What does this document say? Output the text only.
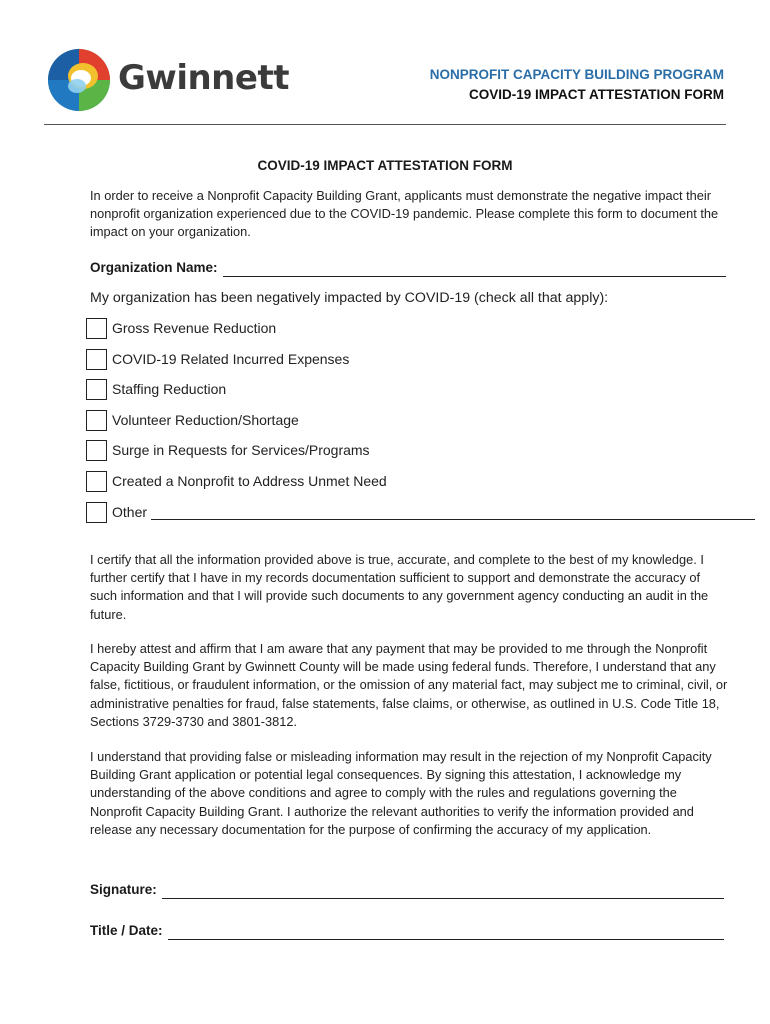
Gwinnett	NONPROFIT CAPACITY BUILDING PROGRAM
COVID-19 IMPACT ATTESTATION FORM
COVID-19 IMPACT ATTESTATION FORM
In order to receive a Nonprofit Capacity Building Grant, applicants must demonstrate the negative impact their nonprofit organization experienced due to the COVID-19 pandemic. Please complete this form to document the impact on your organization.
Organization Name:
My organization has been negatively impacted by COVID-19 (check all that apply):
Gross Revenue Reduction
COVID-19 Related Incurred Expenses
Staffing Reduction
Volunteer Reduction/Shortage
Surge in Requests for Services/Programs
Created a Nonprofit to Address Unmet Need
Other
I certify that all the information provided above is true, accurate, and complete to the best of my knowledge. I further certify that I have in my records documentation sufficient to support and demonstrate the accuracy of such information and that I will provide such documents to any government agency conducting an audit in the future.
I hereby attest and affirm that I am aware that any payment that may be provided to me through the Nonprofit Capacity Building Grant by Gwinnett County will be made using federal funds. Therefore, I understand that any false, fictitious, or fraudulent information, or the omission of any material fact, may subject me to criminal, civil, or administrative penalties for fraud, false statements, false claims, or otherwise, as outlined in U.S. Code Title 18, Sections 3729-3730 and 3801-3812.
I understand that providing false or misleading information may result in the rejection of my Nonprofit Capacity Building Grant application or potential legal consequences. By signing this attestation, I acknowledge my understanding of the above conditions and agree to comply with the rules and regulations governing the Nonprofit Capacity Building Grant. I authorize the relevant authorities to verify the information provided and release any necessary documentation for the purpose of confirming the accuracy of my application.
Signature:
Title / Date:
